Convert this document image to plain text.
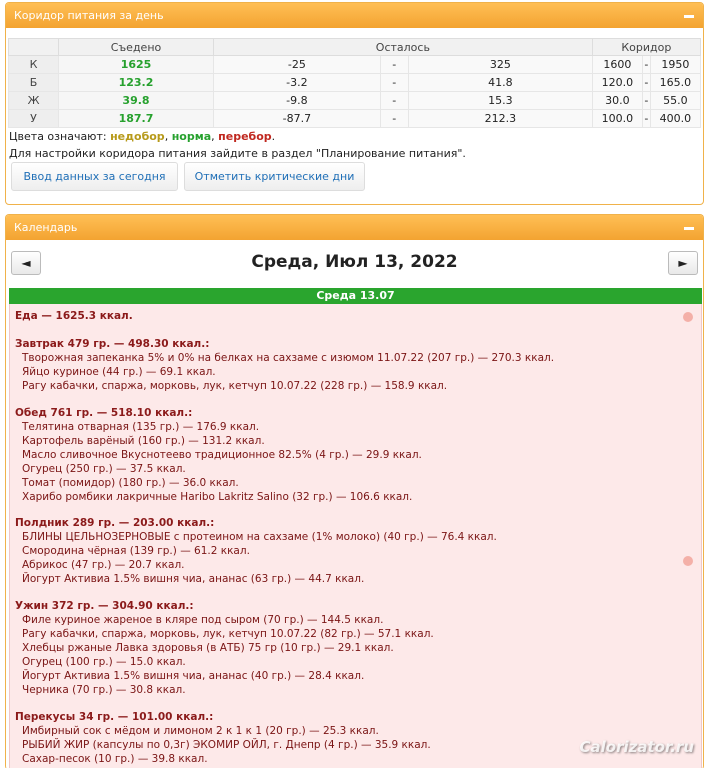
Коридор питания за день
	Съедено	Осталось			Коридор		
К	1625	-25	-	325	1600	-	1950
Б	123.2	-3.2	-	41.8	120.0	-	165.0
Ж	39.8	-9.8	-	15.3	30.0	-	55.0
У	187.7	-87.7	-	212.3	100.0	-	400.0
Цвета означают: недобор, норма, перебор.
Для настройки коридора питания зайдите в раздел "Планирование питания".
Ввод данных за сегодня	Отметить критические дни
Календарь
Среда, Июл 13, 2022
◄	►
Среда 13.07
Еда — 1625.3 ккал.
Завтрак 479 гр. — 498.30 ккал.:
Творожная запеканка 5% и 0% на белках на сахзаме с изюмом 11.07.22 (207 гр.) — 270.3 ккал.
Яйцо куриное (44 гр.) — 69.1 ккал.
Рагу кабачки, спаржа, морковь, лук, кетчуп 10.07.22 (228 гр.) — 158.9 ккал.
Обед 761 гр. — 518.10 ккал.:
Телятина отварная (135 гр.) — 176.9 ккал.
Картофель варёный (160 гр.) — 131.2 ккал.
Масло сливочное Вкуснотеево традиционное 82.5% (4 гр.) — 29.9 ккал.
Огурец (250 гр.) — 37.5 ккал.
Томат (помидор) (180 гр.) — 36.0 ккал.
Харибо ромбики лакричные Haribo Lakritz Salino (32 гр.) — 106.6 ккал.
Полдник 289 гр. — 203.00 ккал.:
БЛИНЫ ЦЕЛЬНОЗЕРНОВЫЕ с протеином на сахзаме (1% молоко) (40 гр.) — 76.4 ккал.
Смородина чёрная (139 гр.) — 61.2 ккал.
Абрикос (47 гр.) — 20.7 ккал.
Йогурт Активиа 1.5% вишня чиа, ананас (63 гр.) — 44.7 ккал.
Ужин 372 гр. — 304.90 ккал.:
Филе куриное жареное в кляре под сыром (70 гр.) — 144.5 ккал.
Рагу кабачки, спаржа, морковь, лук, кетчуп 10.07.22 (82 гр.) — 57.1 ккал.
Хлебцы ржаные Лавка здоровья (в АТБ) 75 гр (10 гр.) — 29.1 ккал.
Огурец (100 гр.) — 15.0 ккал.
Йогурт Активиа 1.5% вишня чиа, ананас (40 гр.) — 28.4 ккал.
Черника (70 гр.) — 30.8 ккал.
Перекусы 34 гр. — 101.00 ккал.:
Имбирный сок с мёдом и лимоном 2 к 1 к 1 (20 гр.) — 25.3 ккал.
РЫБИЙ ЖИР (капсулы по 0,3г) ЭКОМИР ОЙЛ, г. Днепр (4 гр.) — 35.9 ккал.
Сахар-песок (10 гр.) — 39.8 ккал.
Calorizator.ru
